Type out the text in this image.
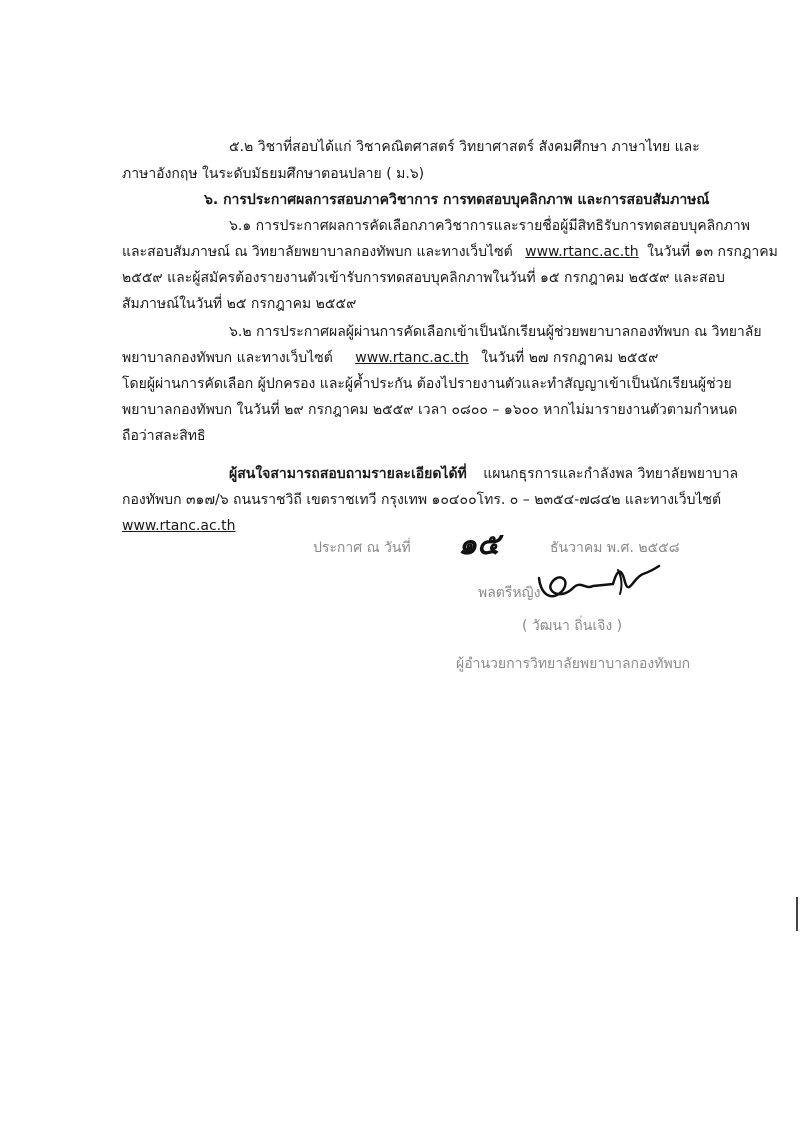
๕.๒ วิชาที่สอบได้แก่ วิชาคณิตศาสตร์ วิทยาศาสตร์ สังคมศึกษา ภาษาไทย และ
ภาษาอังกฤษ ในระดับมัธยมศึกษาตอนปลาย ( ม.๖)
๖. การประกาศผลการสอบภาควิชาการ การทดสอบบุคลิกภาพ และการสอบสัมภาษณ์
๖.๑ การประกาศผลการคัดเลือกภาควิชาการและรายชื่อผู้มีสิทธิรับการทดสอบบุคลิกภาพ
และสอบสัมภาษณ์ ณ วิทยาลัยพยาบาลกองทัพบก และทางเว็บไซต์ www.rtanc.ac.th ในวันที่ ๑๓ กรกฎาคม
๒๕๕๙ และผู้สมัครต้องรายงานตัวเข้ารับการทดสอบบุคลิกภาพในวันที่ ๑๕ กรกฎาคม ๒๕๕๙ และสอบ
สัมภาษณ์ในวันที่ ๒๕ กรกฎาคม ๒๕๕๙
๖.๒ การประกาศผลผู้ผ่านการคัดเลือกเข้าเป็นนักเรียนผู้ช่วยพยาบาลกองทัพบก ณ วิทยาลัย
พยาบาลกองทัพบก และทางเว็บไซต์ www.rtanc.ac.th ในวันที่ ๒๗ กรกฎาคม ๒๕๕๙
โดยผู้ผ่านการคัดเลือก ผู้ปกครอง และผู้ค้ำประกัน ต้องไปรายงานตัวและทำสัญญาเข้าเป็นนักเรียนผู้ช่วย
พยาบาลกองทัพบก ในวันที่ ๒๙ กรกฎาคม ๒๕๕๙ เวลา ๐๘๐๐ – ๑๖๐๐ หากไม่มารายงานตัวตามกำหนด
ถือว่าสละสิทธิ
ผู้สนใจสามารถสอบถามรายละเอียดได้ที่ แผนกธุรการและกำลังพล วิทยาลัยพยาบาล
กองทัพบก ๓๑๗/๖ ถนนราชวิถี เขตราชเทวี กรุงเทพ ๑๐๔๐๐โทร. ๐ – ๒๓๕๔-๗๘๔๒ และทางเว็บไซต์
www.rtanc.ac.th
ประกาศ ณ วันที่ ๑๕	ธันวาคม พ.ศ. ๒๕๕๘
พลตรีหญิง
( วัฒนา ถิ่นเจิง )
ผู้อำนวยการวิทยาลัยพยาบาลกองทัพบก
